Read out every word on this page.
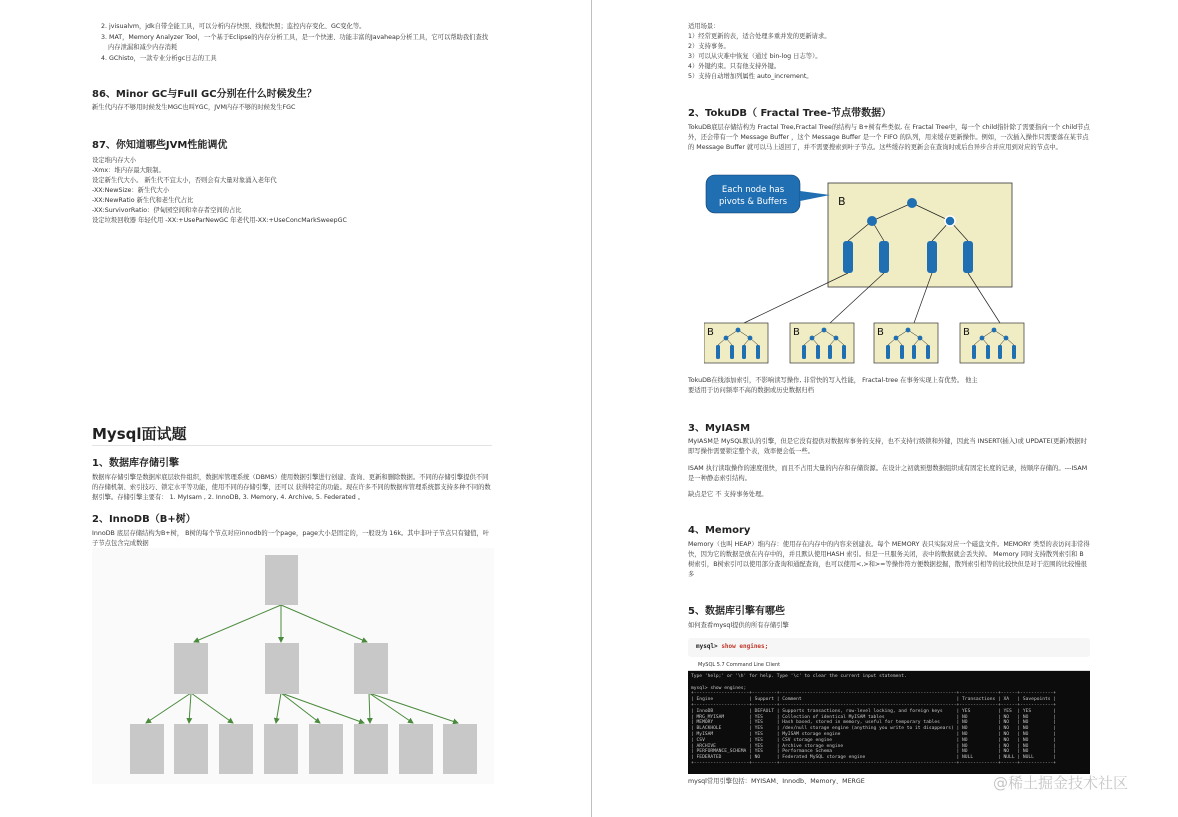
2. jvisualvm，jdk自带全能工具，可以分析内存快照、线程快照；监控内存变化、GC变化等。
3. MAT，Memory Analyzer Tool，一个基于Eclipse的内存分析工具，是一个快速、功能丰富的Javaheap分析工具，它可以帮助我们查找
内存泄漏和减少内存消耗
4. GChisto，一款专业分析gc日志的工具
86、Minor GC与Full GC分别在什么时候发生？
新生代内存不够用时候发生MGC也叫YGC，JVM内存不够的时候发生FGC
87、你知道哪些JVM性能调优
设定堆内存大小
-Xmx：堆内存最大限制。
设定新生代大小。 新生代不宜太小，否则会有大量对象涌入老年代
-XX:NewSize：新生代大小
-XX:NewRatio 新生代和老生代占比
-XX:SurvivorRatio：伊甸园空间和幸存者空间的占比
设定垃圾回收器 年轻代用 -XX:+UseParNewGC 年老代用-XX:+UseConcMarkSweepGC
Mysql面试题
1、数据库存储引擎
数据库存储引擎是数据库底层软件组织，数据库管理系统（DBMS）使用数据引擎进行创建、查询、更新和删除数据。不同的存储引擎提供不同的存储机制、索引技巧、锁定水平等功能，使用不同的存储引擎，还可以 获得特定的功能。现在许多不同的数据库管理系统都支持多种不同的数据引擎。存储引擎主要有： 1. MyIsam , 2. InnoDB, 3. Memory, 4. Archive, 5. Federated 。
2、InnoDB（B+树）
InnoDB 底层存储结构为B+树， B树的每个节点对应innodb的一个page，page大小是固定的，一般设为 16k。其中非叶子节点只有键值，叶子节点包含完成数据
适用场景：
1）经常更新的表，适合处理多重并发的更新请求。
2）支持事务。
3）可以从灾难中恢复（通过 bin-log 日志等）。
4）外键约束。只有他支持外键。
5）支持自动增加列属性 auto_increment。
2、TokuDB（ Fractal Tree-节点带数据）
TokuDB底层存储结构为 Fractal Tree,Fractal Tree的结构与 B+树有些类似, 在 Fractal Tree中，每一个 child指针除了需要指向一个 child节点外，还会带有一个 Message Buffer ，这个 Message Buffer 是一个 FIFO 的队列，用来缓存更新操作。例如，一次插入操作只需要落在某节点的 Message Buffer 就可以马上返回了，并不需要搜索到叶子节点。这些缓存的更新会在查询时或后台异步合并应用到对应的节点中。
B
Each node has
pivots & Buffers
B	B	B	B
TokuDB在线添加索引，不影响读写操作, 非常快的写入性能， Fractal-tree 在事务实现上有优势。 他主要适用于访问频率不高的数据或历史数据归档
3、MyIASM
MyIASM是 MySQL默认的引擎，但是它没有提供对数据库事务的支持，也不支持行级锁和外键，因此当 INSERT(插入)或 UPDATE(更新)数据时即写操作需要锁定整个表，效率便会低一些。
ISAM 执行读取操作的速度很快，而且不占用大量的内存和存储资源。在设计之初就预想数据组织成有固定长度的记录，按顺序存储的。---ISAM 是一种静态索引结构。
缺点是它 不 支持事务处理。
4、Memory
Memory（也叫 HEAP）堆内存：使用存在内存中的内容来创建表。每个 MEMORY 表只实际对应一个磁盘文件。MEMORY 类型的表访问非常得快，因为它的数据是放在内存中的，并且默认使用HASH 索引。但是一旦服务关闭，表中的数据就会丢失掉。 Memory 同时支持散列索引和 B 树索引，B树索引可以使用部分查询和通配查询，也可以使用<,>和>=等操作符方便数据挖掘，散列索引相等的比较快但是对于范围的比较慢很多
5、数据库引擎有哪些
如何查看mysql提供的所有存储引擎
mysql> show engines;
MySQL 5.7 Command Line Client
Type 'help;' or '\h' for help. Type '\c' to clear the current input statement.
mysql> show engines;
+--------------------+---------+----------------------------------------------------------------+--------------+------+------------+
| Engine             | Support | Comment                                                        | Transactions | XA   | Savepoints |
+--------------------+---------+----------------------------------------------------------------+--------------+------+------------+
| InnoDB             | DEFAULT | Supports transactions, row-level locking, and foreign keys     | YES          | YES  | YES        |
| MRG_MYISAM         | YES     | Collection of identical MyISAM tables                          | NO           | NO   | NO         |
| MEMORY             | YES     | Hash based, stored in memory, useful for temporary tables      | NO           | NO   | NO         |
| BLACKHOLE          | YES     | /dev/null storage engine (anything you write to it disappears) | NO           | NO   | NO         |
| MyISAM             | YES     | MyISAM storage engine                                          | NO           | NO   | NO         |
| CSV                | YES     | CSV storage engine                                             | NO           | NO   | NO         |
| ARCHIVE            | YES     | Archive storage engine                                         | NO           | NO   | NO         |
| PERFORMANCE_SCHEMA | YES     | Performance Schema                                             | NO           | NO   | NO         |
| FEDERATED          | NO      | Federated MySQL storage engine                                 | NULL         | NULL | NULL       |
+--------------------+---------+----------------------------------------------------------------+--------------+------+------------+
mysql常用引擎包括：MYISAM、Innodb、Memory、MERGE	@稀土掘金技术社区
